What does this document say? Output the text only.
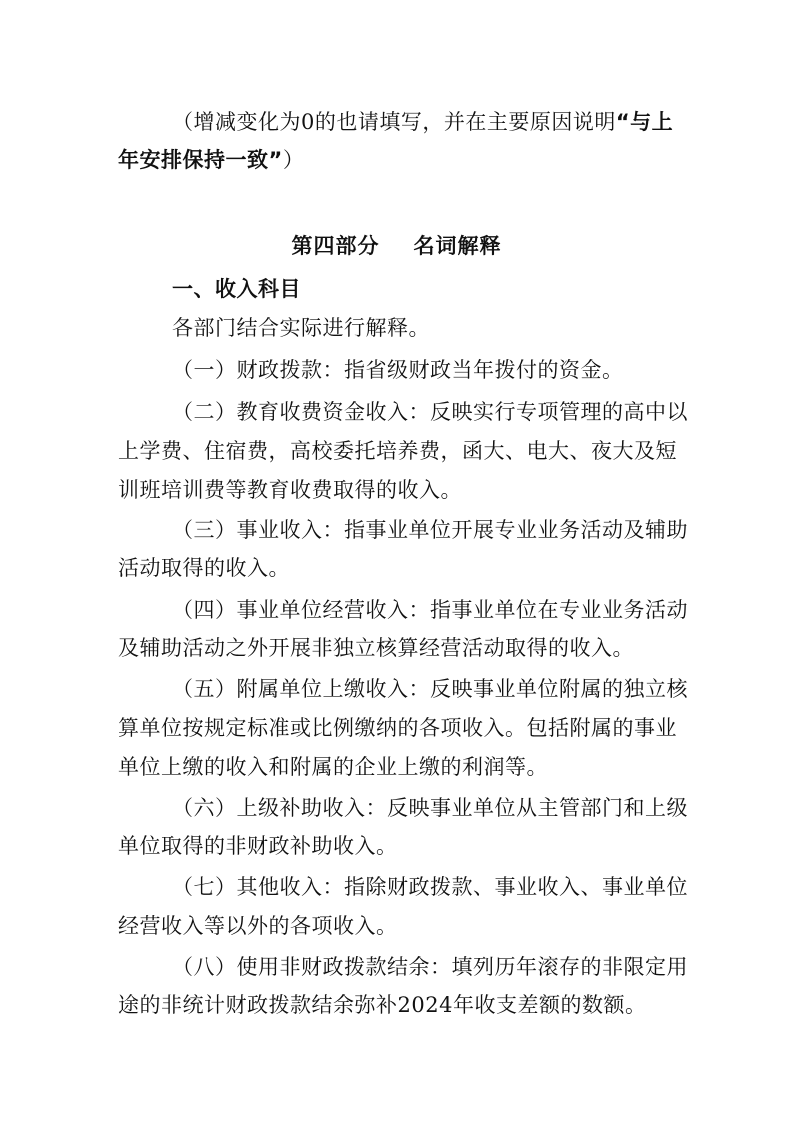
（增减变化为0的也请填写，并在主要原因说明“与上
年安排保持一致”）
第四部分 名词解释
一、收入科目
各部门结合实际进行解释。
（一）财政拨款：指省级财政当年拨付的资金。
（二）教育收费资金收入：反映实行专项管理的高中以
上学费、住宿费，高校委托培养费，函大、电大、夜大及短
训班培训费等教育收费取得的收入。
（三）事业收入：指事业单位开展专业业务活动及辅助
活动取得的收入。
（四）事业单位经营收入：指事业单位在专业业务活动
及辅助活动之外开展非独立核算经营活动取得的收入。
（五）附属单位上缴收入：反映事业单位附属的独立核
算单位按规定标准或比例缴纳的各项收入。包括附属的事业
单位上缴的收入和附属的企业上缴的利润等。
（六）上级补助收入：反映事业单位从主管部门和上级
单位取得的非财政补助收入。
（七）其他收入：指除财政拨款、事业收入、事业单位
经营收入等以外的各项收入。
（八）使用非财政拨款结余：填列历年滚存的非限定用
途的非统计财政拨款结余弥补2024年收支差额的数额。
